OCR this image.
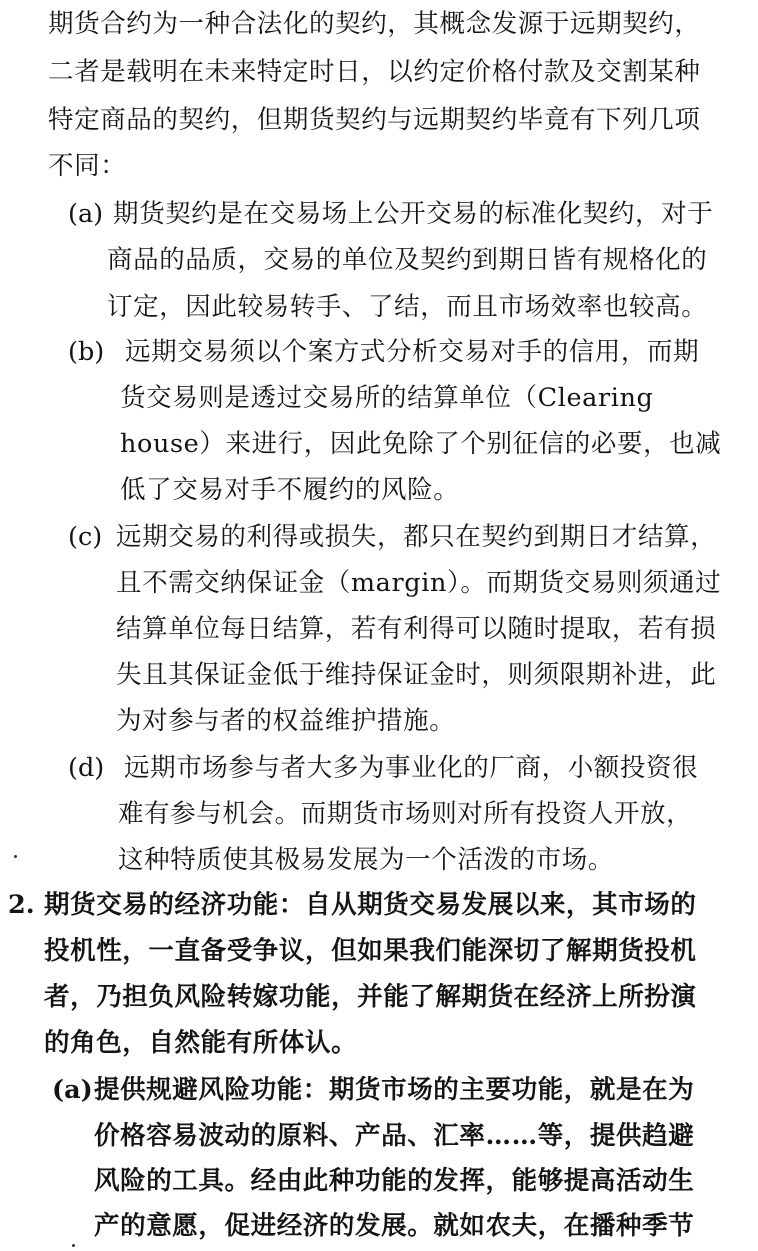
期货合约为一种合法化的契约，其概念发源于远期契约，
二者是载明在未来特定时日，以约定价格付款及交割某种
特定商品的契约，但期货契约与远期契约毕竟有下列几项
不同：
(a) 期货契约是在交易场上公开交易的标准化契约，对于
商品的品质，交易的单位及契约到期日皆有规格化的
订定，因此较易转手、了结，而且市场效率也较高。
(b) 远期交易须以个案方式分析交易对手的信用，而期
货交易则是透过交易所的结算单位（Clearing
house）来进行，因此免除了个别征信的必要，也减
低了交易对手不履约的风险。
(c) 远期交易的利得或损失，都只在契约到期日才结算，
且不需交纳保证金（margin）。而期货交易则须通过
结算单位每日结算，若有利得可以随时提取，若有损
失且其保证金低于维持保证金时，则须限期补进，此
为对参与者的权益维护措施。
(d) 远期市场参与者大多为事业化的厂商，小额投资很
难有参与机会。而期货市场则对所有投资人开放，
这种特质使其极易发展为一个活泼的市场。
2. 期货交易的经济功能：自从期货交易发展以来，其市场的
投机性，一直备受争议，但如果我们能深切了解期货投机
者，乃担负风险转嫁功能，并能了解期货在经济上所扮演
的角色，自然能有所体认。
(a) 提供规避风险功能：期货市场的主要功能，就是在为
价格容易波动的原料、产品、汇率……等，提供趋避
风险的工具。经由此种功能的发挥，能够提高活动生
产的意愿，促进经济的发展。就如农夫，在播种季节
